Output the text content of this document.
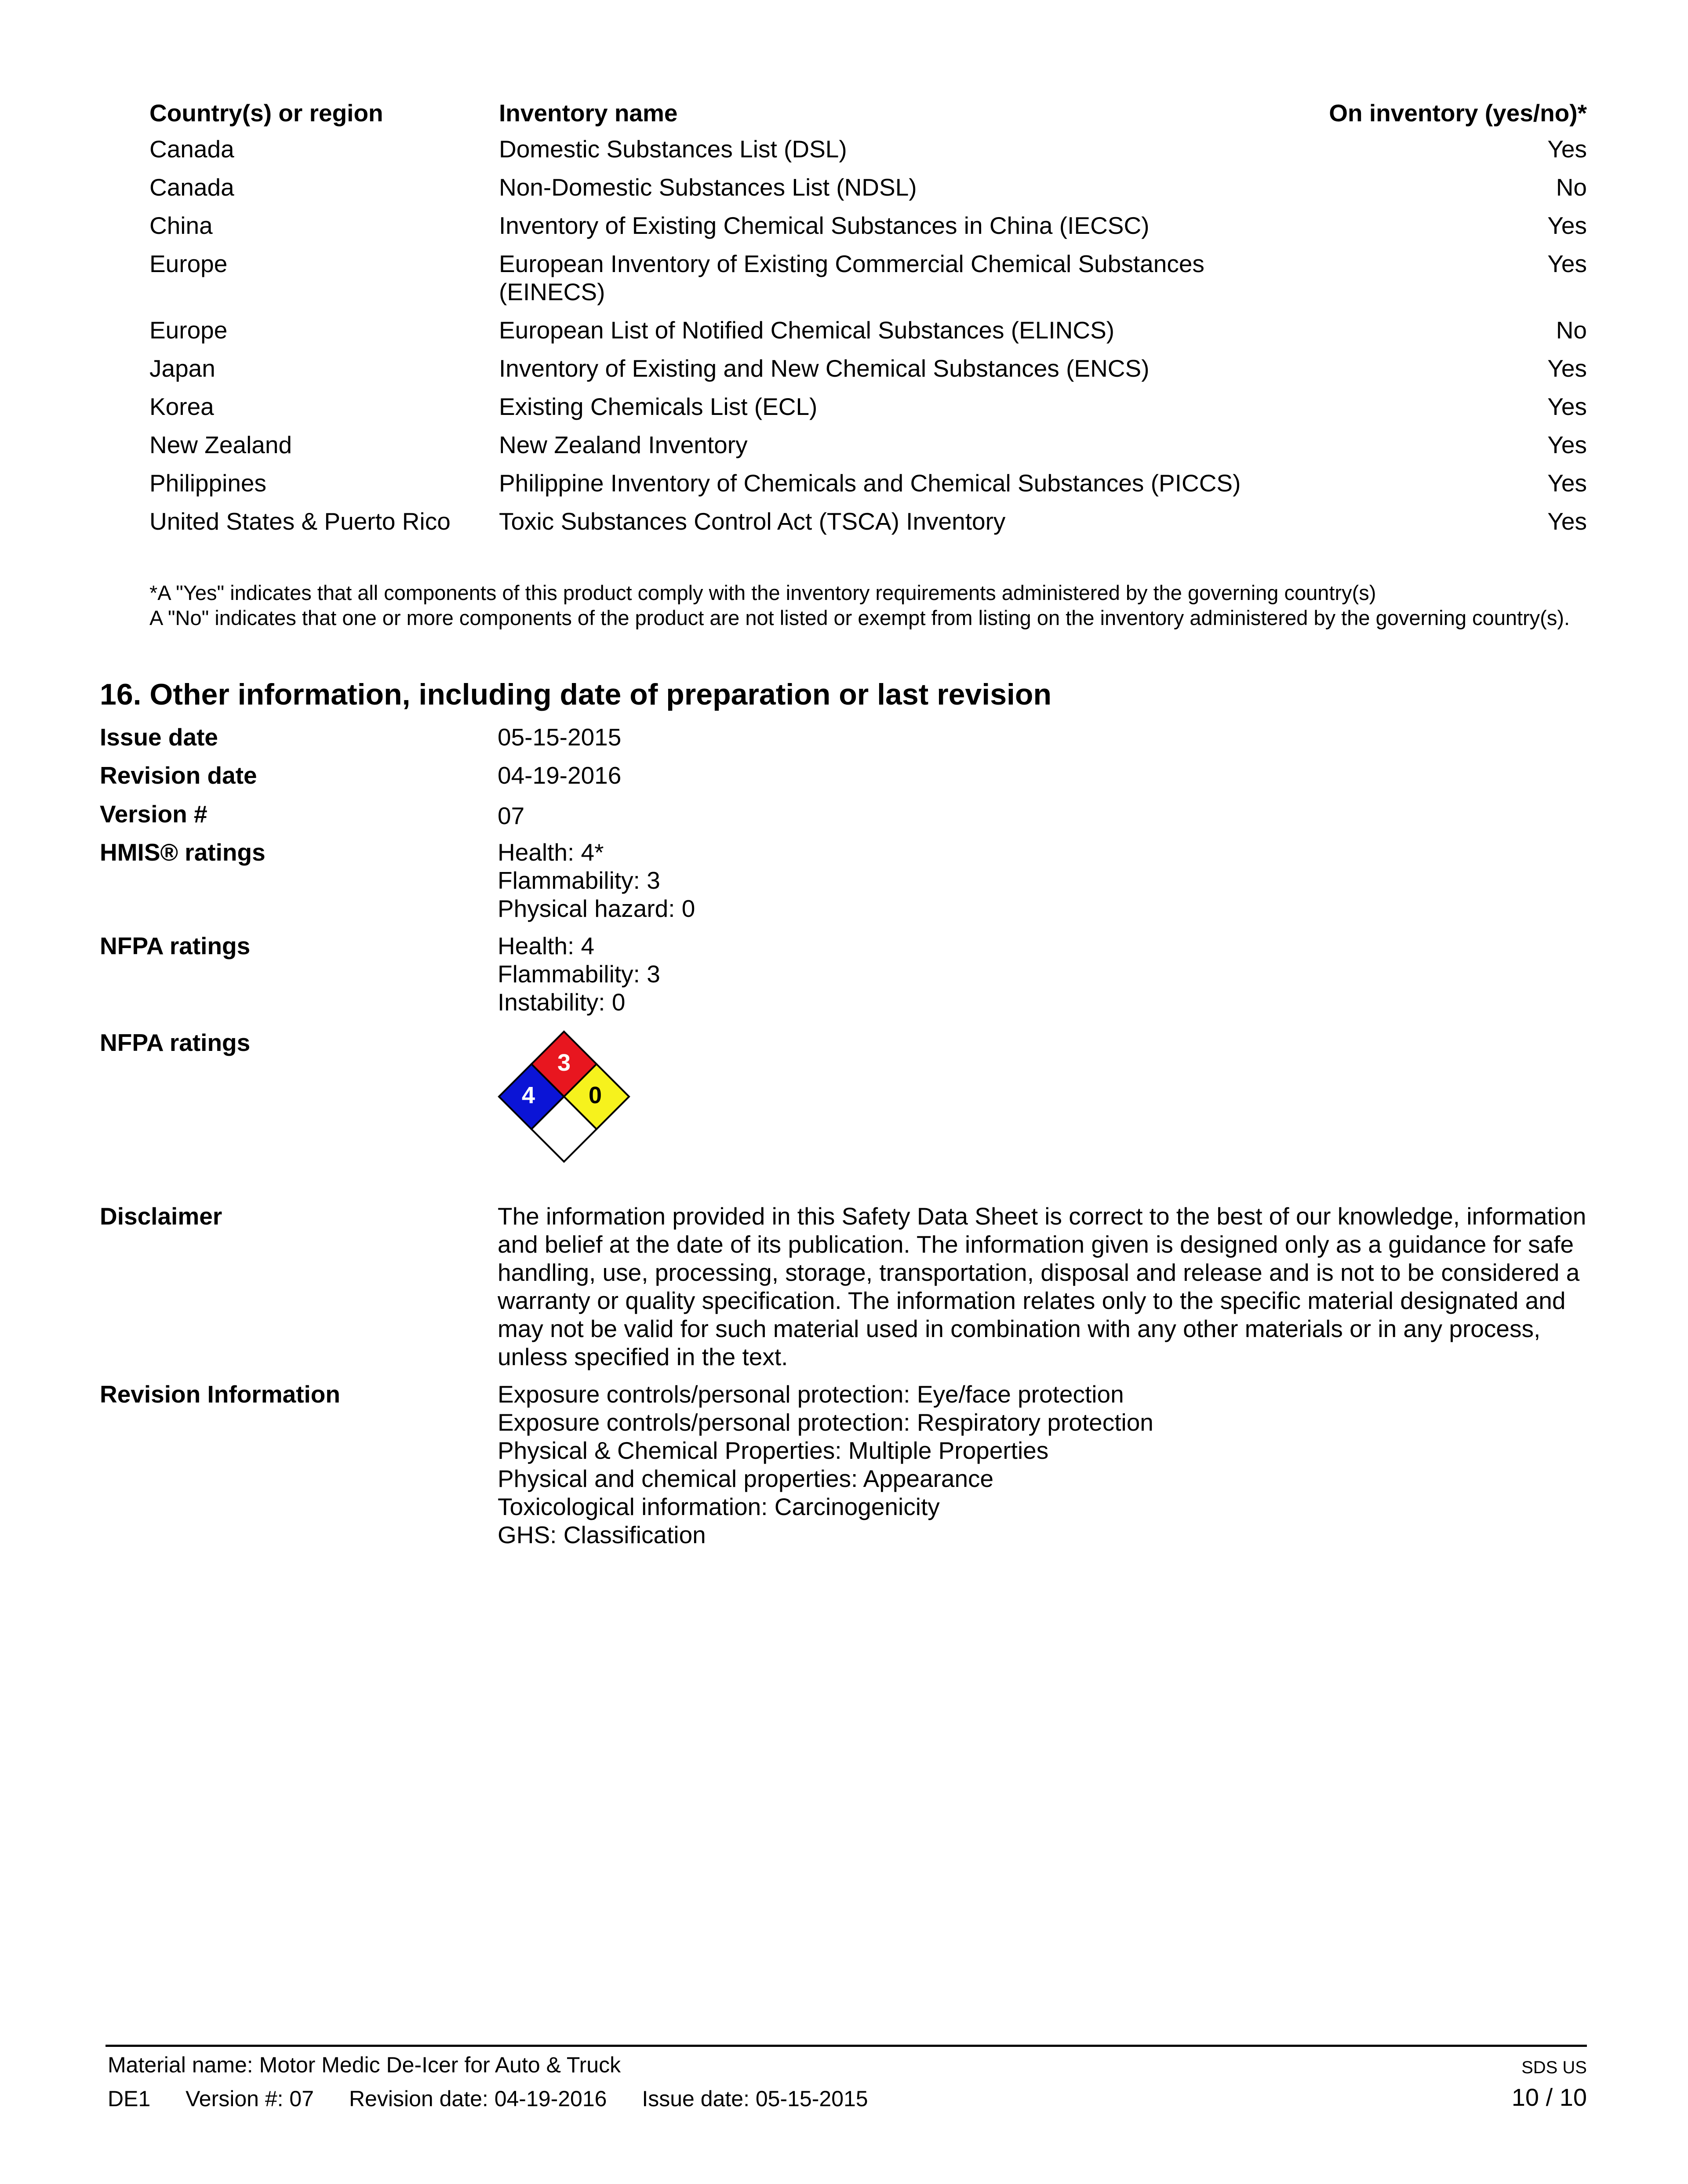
Country(s) or region	Inventory name	On inventory (yes/no)*
Canada	Domestic Substances List (DSL)	Yes
Canada	Non-Domestic Substances List (NDSL)	No
China	Inventory of Existing Chemical Substances in China (IECSC)	Yes
Europe	European Inventory of Existing Commercial Chemical Substances (EINECS)	Yes
Europe	European List of Notified Chemical Substances (ELINCS)	No
Japan	Inventory of Existing and New Chemical Substances (ENCS)	Yes
Korea	Existing Chemicals List (ECL)	Yes
New Zealand	New Zealand Inventory	Yes
Philippines	Philippine Inventory of Chemicals and Chemical Substances (PICCS)	Yes
United States & Puerto Rico	Toxic Substances Control Act (TSCA) Inventory	Yes

*A "Yes" indicates that all components of this product comply with the inventory requirements administered by the governing country(s)

A "No" indicates that one or more components of the product are not listed or exempt from listing on the inventory administered by the governing country(s).

16. Other information, including date of preparation or last revision
Issue date	05-15-2015
Revision date	04-19-2016
Version #	07
HMIS® ratings	Health: 4*
Flammability: 3
Physical hazard: 0
NFPA ratings	Health: 4
Flammability: 3
Instability: 0
NFPA ratings
3
4 0
Disclaimer	The information provided in this Safety Data Sheet is correct to the best of our knowledge, information and belief at the date of its publication. The information given is designed only as a guidance for safe handling, use, processing, storage, transportation, disposal and release and is not to be considered a warranty or quality specification. The information relates only to the specific material designated and may not be valid for such material used in combination with any other materials or in any process, unless specified in the text.
Revision Information	Exposure controls/personal protection: Eye/face protection
Exposure controls/personal protection: Respiratory protection
Physical & Chemical Properties: Multiple Properties
Physical and chemical properties: Appearance
Toxicological information: Carcinogenicity
GHS: Classification
Material name: Motor Medic De-Icer for Auto & Truck
DE1 Version #: 07 Revision date: 04-19-2016 Issue date: 05-15-2015
SDS US
10 / 10
